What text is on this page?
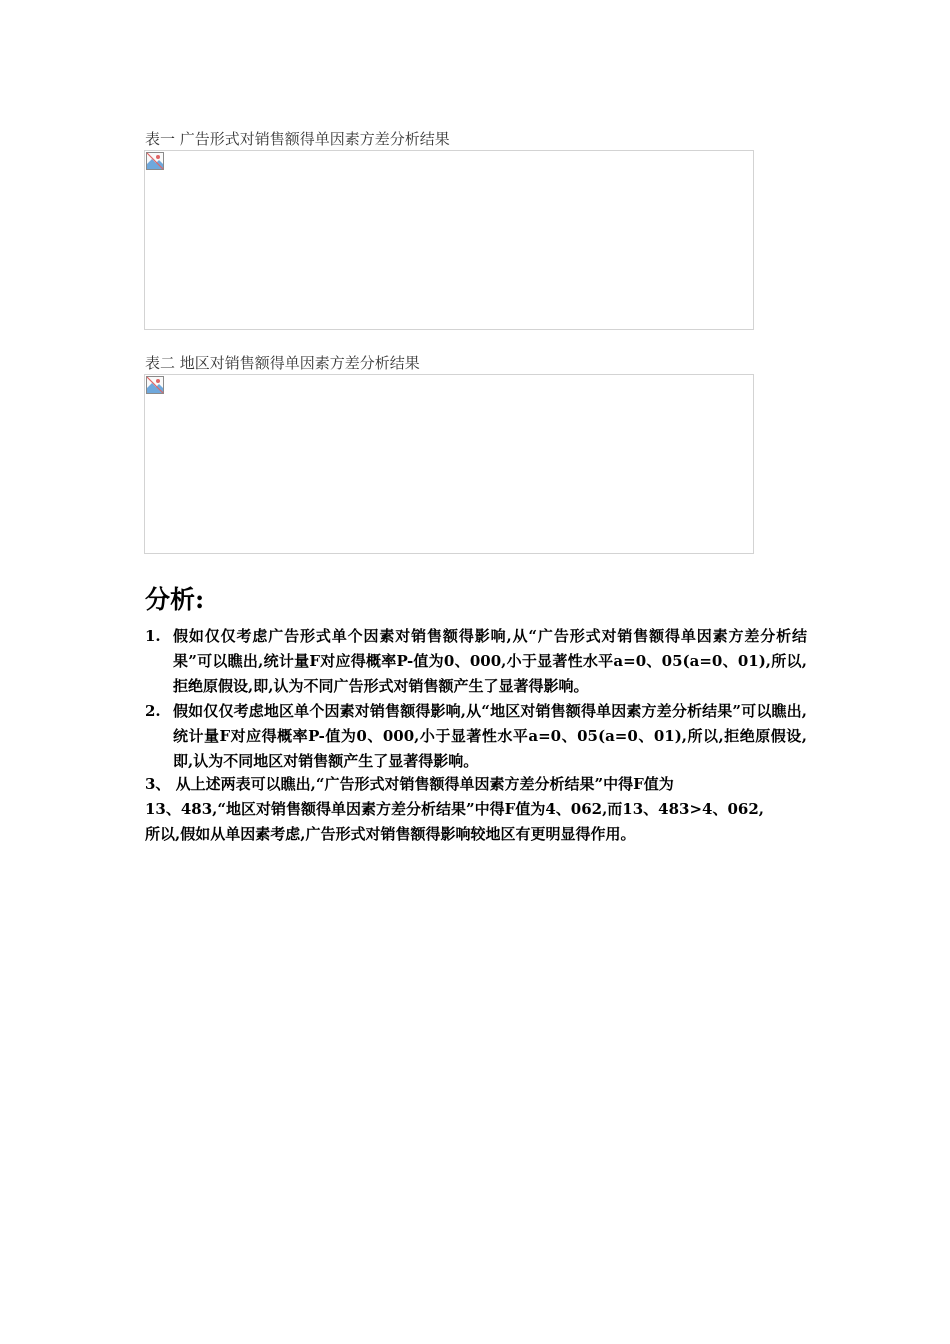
表一 广告形式对销售额得单因素方差分析结果
表二 地区对销售额得单因素方差分析结果
分析:
1. 假如仅仅考虑广告形式单个因素对销售额得影响,从“广告形式对销售额得单因素方差分析结果”可以瞧出,统计量F对应得概率P-值为0、000,小于显著性水平a=0、05(a=0、01),所以,拒绝原假设,即,认为不同广告形式对销售额产生了显著得影响。

2. 假如仅仅考虑地区单个因素对销售额得影响,从“地区对销售额得单因素方差分析结果”可以瞧出,统计量F对应得概率P-值为0、000,小于显著性水平a=0、05(a=0、01),所以,拒绝原假设,即,认为不同地区对销售额产生了显著得影响。

3、 从上述两表可以瞧出,“广告形式对销售额得单因素方差分析结果”中得F值为
13、483,“地区对销售额得单因素方差分析结果”中得F值为4、062,而13、483>4、062,
所以,假如从单因素考虑,广告形式对销售额得影响较地区有更明显得作用。
